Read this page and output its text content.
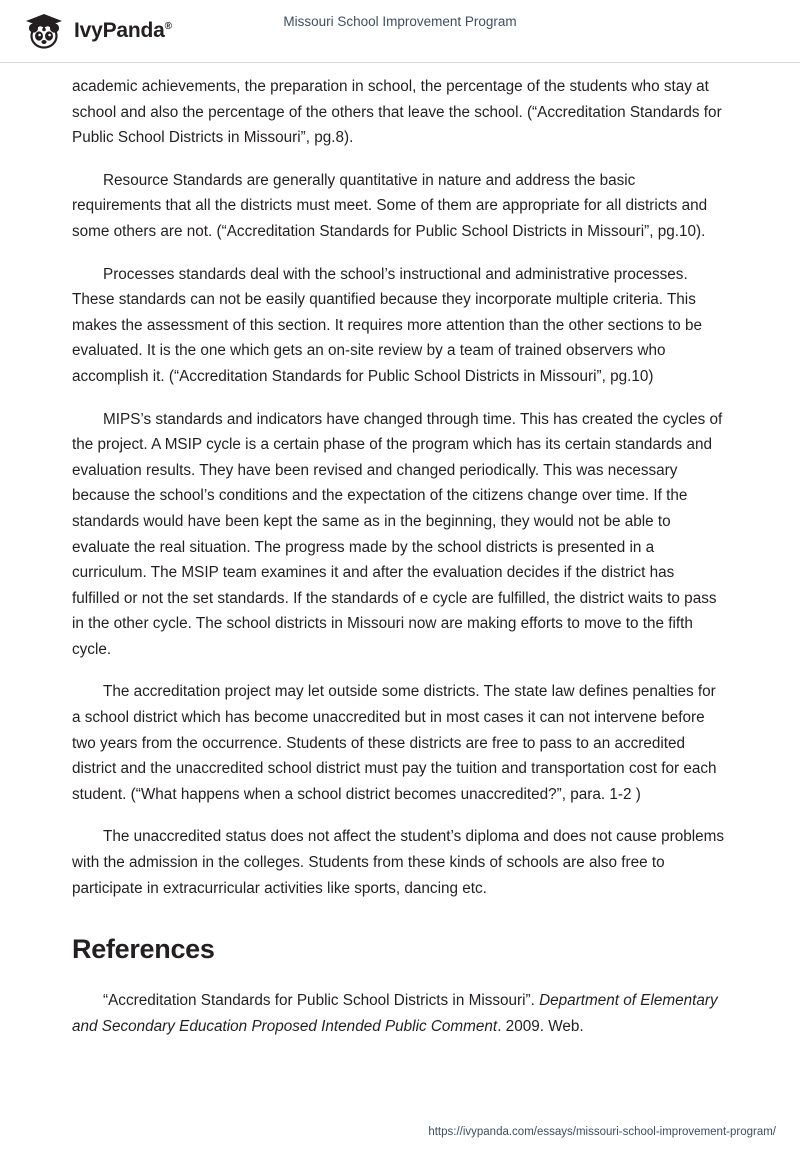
IvyPanda®	Missouri School Improvement Program

academic achievements, the preparation in school, the percentage of the students who stay at school and also the percentage of the others that leave the school. (“Accreditation Standards for Public School Districts in Missouri”, pg.8).

Resource Standards are generally quantitative in nature and address the basic requirements that all the districts must meet. Some of them are appropriate for all districts and some others are not. (“Accreditation Standards for Public School Districts in Missouri”, pg.10).

Processes standards deal with the school’s instructional and administrative processes. These standards can not be easily quantified because they incorporate multiple criteria. This makes the assessment of this section. It requires more attention than the other sections to be evaluated. It is the one which gets an on-site review by a team of trained observers who accomplish it. (“Accreditation Standards for Public School Districts in Missouri”, pg.10)

MIPS’s standards and indicators have changed through time. This has created the cycles of the project. A MSIP cycle is a certain phase of the program which has its certain standards and evaluation results. They have been revised and changed periodically. This was necessary because the school’s conditions and the expectation of the citizens change over time. If the standards would have been kept the same as in the beginning, they would not be able to evaluate the real situation. The progress made by the school districts is presented in a curriculum. The MSIP team examines it and after the evaluation decides if the district has fulfilled or not the set standards. If the standards of e cycle are fulfilled, the district waits to pass in the other cycle. The school districts in Missouri now are making efforts to move to the fifth cycle.

The accreditation project may let outside some districts. The state law defines penalties for a school district which has become unaccredited but in most cases it can not intervene before two years from the occurrence. Students of these districts are free to pass to an accredited district and the unaccredited school district must pay the tuition and transportation cost for each student. (“What happens when a school district becomes unaccredited?”, para. 1-2 )

The unaccredited status does not affect the student’s diploma and does not cause problems with the admission in the colleges. Students from these kinds of schools are also free to participate in extracurricular activities like sports, dancing etc.

References

“Accreditation Standards for Public School Districts in Missouri”. Department of Elementary and Secondary Education Proposed Intended Public Comment. 2009. Web.

https://ivypanda.com/essays/missouri-school-improvement-program/
